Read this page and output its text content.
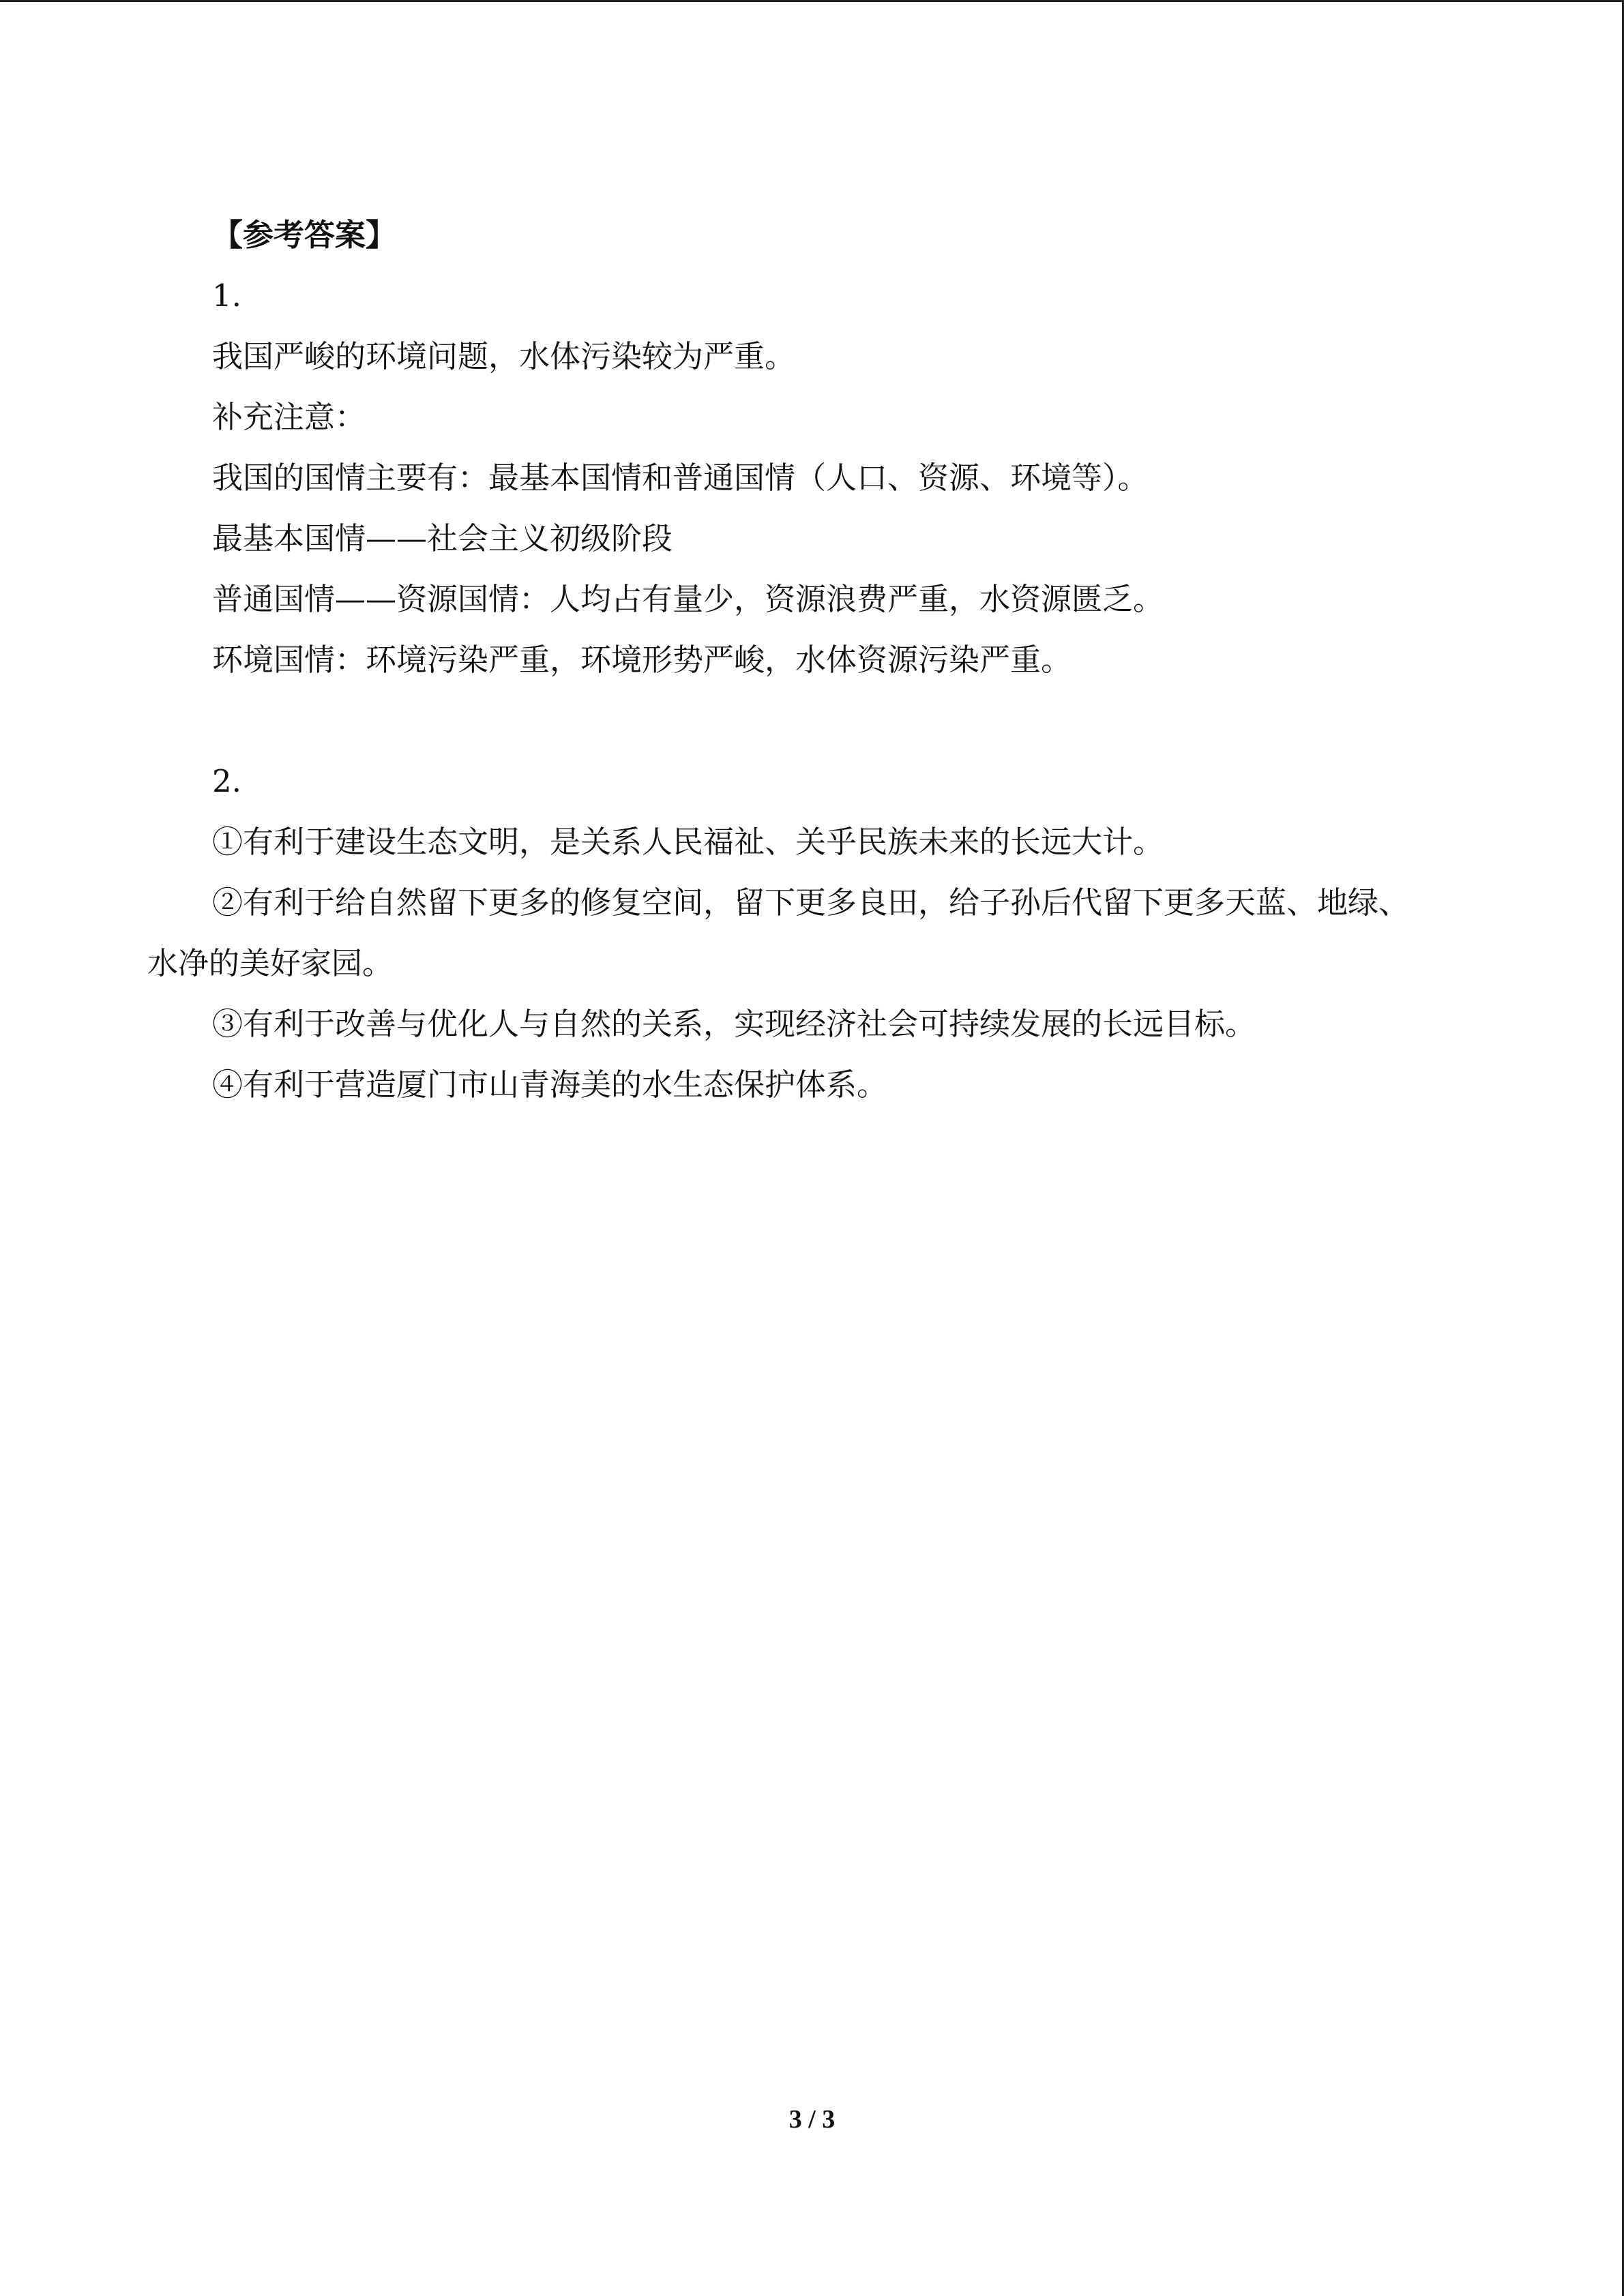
【参考答案】
1.
我国严峻的环境问题，水体污染较为严重。
补充注意：
我国的国情主要有：最基本国情和普通国情（人口、资源、环境等）。
最基本国情——社会主义初级阶段
普通国情——资源国情：人均占有量少，资源浪费严重，水资源匮乏。
环境国情：环境污染严重，环境形势严峻，水体资源污染严重。
2.
①有利于建设生态文明，是关系人民福祉、关乎民族未来的长远大计。
②有利于给自然留下更多的修复空间，留下更多良田，给子孙后代留下更多天蓝、地绿、水净的美好家园。
③有利于改善与优化人与自然的关系，实现经济社会可持续发展的长远目标。
④有利于营造厦门市山青海美的水生态保护体系。
3 / 3
